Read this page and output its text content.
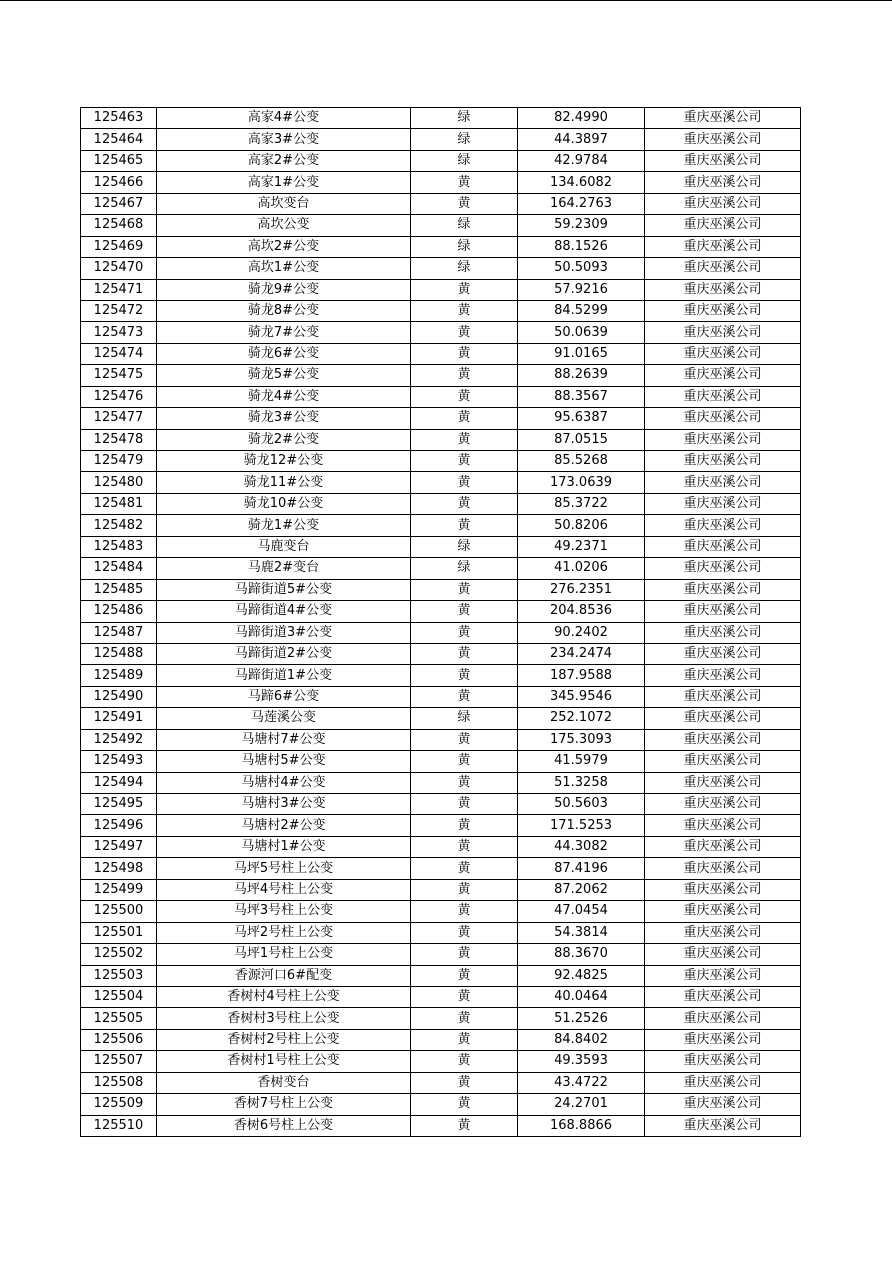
125463	高家4#公变	绿	82.4990	重庆巫溪公司
125464	高家3#公变	绿	44.3897	重庆巫溪公司
125465	高家2#公变	绿	42.9784	重庆巫溪公司
125466	高家1#公变	黄	134.6082	重庆巫溪公司
125467	高坎变台	黄	164.2763	重庆巫溪公司
125468	高坎公变	绿	59.2309	重庆巫溪公司
125469	高坎2#公变	绿	88.1526	重庆巫溪公司
125470	高坎1#公变	绿	50.5093	重庆巫溪公司
125471	骑龙9#公变	黄	57.9216	重庆巫溪公司
125472	骑龙8#公变	黄	84.5299	重庆巫溪公司
125473	骑龙7#公变	黄	50.0639	重庆巫溪公司
125474	骑龙6#公变	黄	91.0165	重庆巫溪公司
125475	骑龙5#公变	黄	88.2639	重庆巫溪公司
125476	骑龙4#公变	黄	88.3567	重庆巫溪公司
125477	骑龙3#公变	黄	95.6387	重庆巫溪公司
125478	骑龙2#公变	黄	87.0515	重庆巫溪公司
125479	骑龙12#公变	黄	85.5268	重庆巫溪公司
125480	骑龙11#公变	黄	173.0639	重庆巫溪公司
125481	骑龙10#公变	黄	85.3722	重庆巫溪公司
125482	骑龙1#公变	黄	50.8206	重庆巫溪公司
125483	马鹿变台	绿	49.2371	重庆巫溪公司
125484	马鹿2#变台	绿	41.0206	重庆巫溪公司
125485	马蹄街道5#公变	黄	276.2351	重庆巫溪公司
125486	马蹄街道4#公变	黄	204.8536	重庆巫溪公司
125487	马蹄街道3#公变	黄	90.2402	重庆巫溪公司
125488	马蹄街道2#公变	黄	234.2474	重庆巫溪公司
125489	马蹄街道1#公变	黄	187.9588	重庆巫溪公司
125490	马蹄6#公变	黄	345.9546	重庆巫溪公司
125491	马莲溪公变	绿	252.1072	重庆巫溪公司
125492	马塘村7#公变	黄	175.3093	重庆巫溪公司
125493	马塘村5#公变	黄	41.5979	重庆巫溪公司
125494	马塘村4#公变	黄	51.3258	重庆巫溪公司
125495	马塘村3#公变	黄	50.5603	重庆巫溪公司
125496	马塘村2#公变	黄	171.5253	重庆巫溪公司
125497	马塘村1#公变	黄	44.3082	重庆巫溪公司
125498	马坪5号柱上公变	黄	87.4196	重庆巫溪公司
125499	马坪4号柱上公变	黄	87.2062	重庆巫溪公司
125500	马坪3号柱上公变	黄	47.0454	重庆巫溪公司
125501	马坪2号柱上公变	黄	54.3814	重庆巫溪公司
125502	马坪1号柱上公变	黄	88.3670	重庆巫溪公司
125503	香源河口6#配变	黄	92.4825	重庆巫溪公司
125504	香树村4号柱上公变	黄	40.0464	重庆巫溪公司
125505	香树村3号柱上公变	黄	51.2526	重庆巫溪公司
125506	香树村2号柱上公变	黄	84.8402	重庆巫溪公司
125507	香树村1号柱上公变	黄	49.3593	重庆巫溪公司
125508	香树变台	黄	43.4722	重庆巫溪公司
125509	香树7号柱上公变	黄	24.2701	重庆巫溪公司
125510	香树6号柱上公变	黄	168.8866	重庆巫溪公司
